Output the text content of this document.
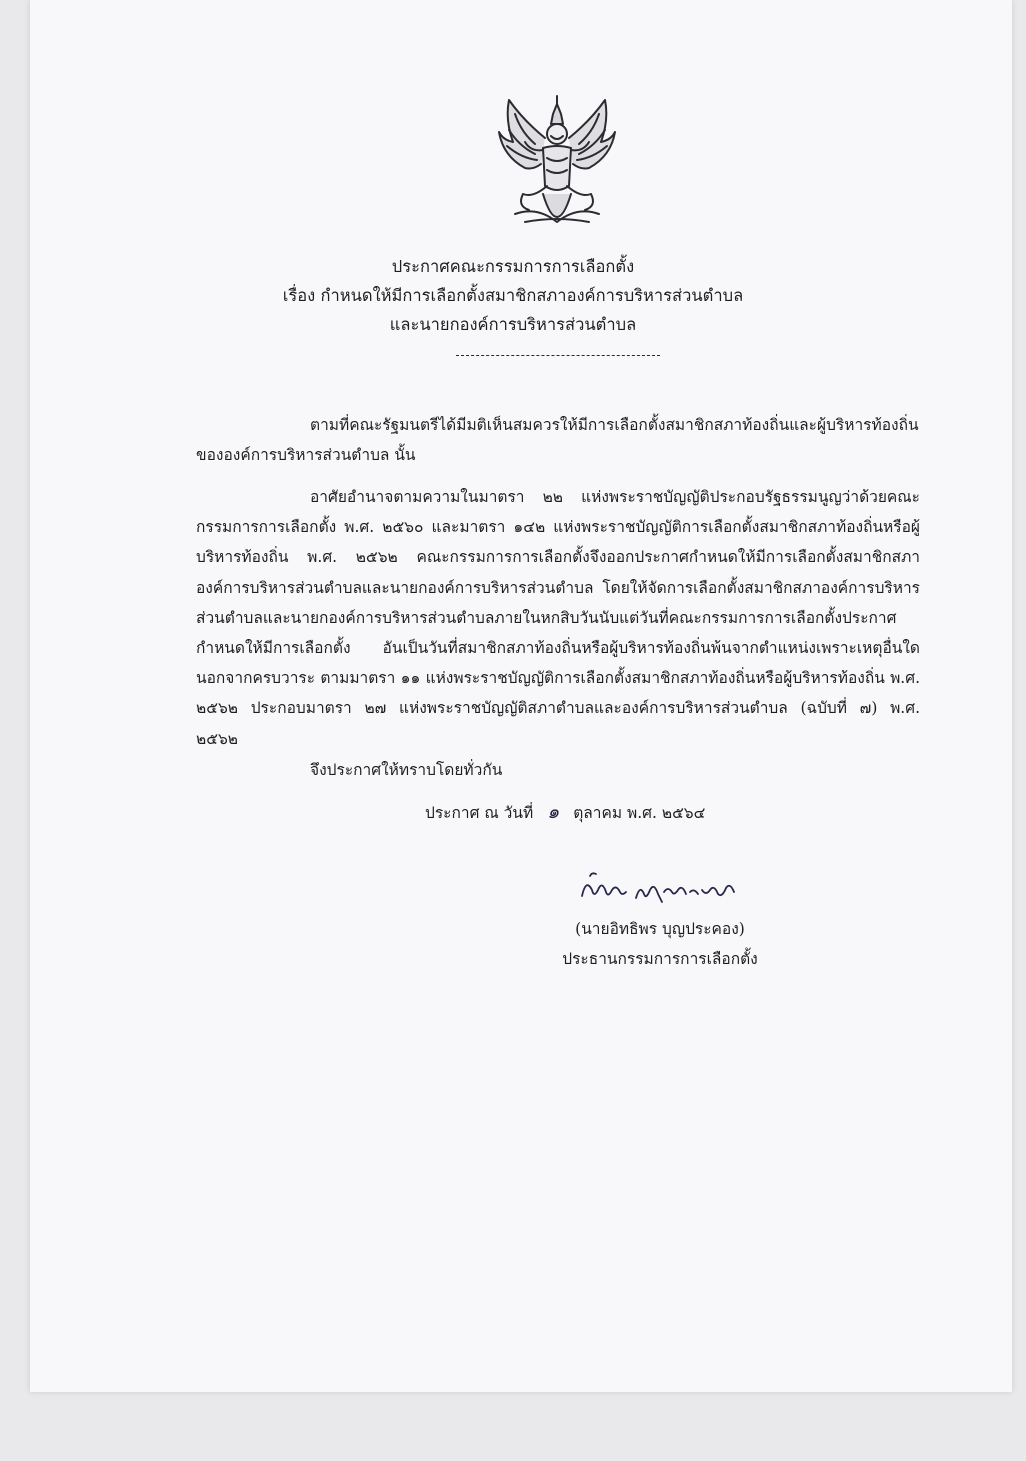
ประกาศคณะกรรมการการเลือกตั้ง
เรื่อง กำหนดให้มีการเลือกตั้งสมาชิกสภาองค์การบริหารส่วนตำบล
และนายกองค์การบริหารส่วนตำบล
ตามที่คณะรัฐมนตรีได้มีมติเห็นสมควรให้มีการเลือกตั้งสมาชิกสภาท้องถิ่นและผู้บริหารท้องถิ่นขององค์การบริหารส่วนตำบล นั้น
อาศัยอำนาจตามความในมาตรา ๒๒ แห่งพระราชบัญญัติประกอบรัฐธรรมนูญว่าด้วยคณะกรรมการการเลือกตั้ง พ.ศ. ๒๕๖๐ และมาตรา ๑๔๒ แห่งพระราชบัญญัติการเลือกตั้งสมาชิกสภาท้องถิ่นหรือผู้บริหารท้องถิ่น พ.ศ. ๒๕๖๒ คณะกรรมการการเลือกตั้งจึงออกประกาศกำหนดให้มีการเลือกตั้งสมาชิกสภาองค์การบริหารส่วนตำบลและนายกองค์การบริหารส่วนตำบล โดยให้จัดการเลือกตั้งสมาชิกสภาองค์การบริหารส่วนตำบลและนายกองค์การบริหารส่วนตำบลภายในหกสิบวันนับแต่วันที่คณะกรรมการการเลือกตั้งประกาศกำหนดให้มีการเลือกตั้ง อันเป็นวันที่สมาชิกสภาท้องถิ่นหรือผู้บริหารท้องถิ่นพ้นจากตำแหน่งเพราะเหตุอื่นใดนอกจากครบวาระ ตามมาตรา ๑๑ แห่งพระราชบัญญัติการเลือกตั้งสมาชิกสภาท้องถิ่นหรือผู้บริหารท้องถิ่น พ.ศ. ๒๕๖๒ ประกอบมาตรา ๒๗ แห่งพระราชบัญญัติสภาตำบลและองค์การบริหารส่วนตำบล (ฉบับที่ ๗) พ.ศ. ๒๕๖๒
จึงประกาศให้ทราบโดยทั่วกัน
ประกาศ ณ วันที่ ๑ ตุลาคม พ.ศ. ๒๕๖๔
(นายอิทธิพร บุญประคอง)
ประธานกรรมการการเลือกตั้ง
